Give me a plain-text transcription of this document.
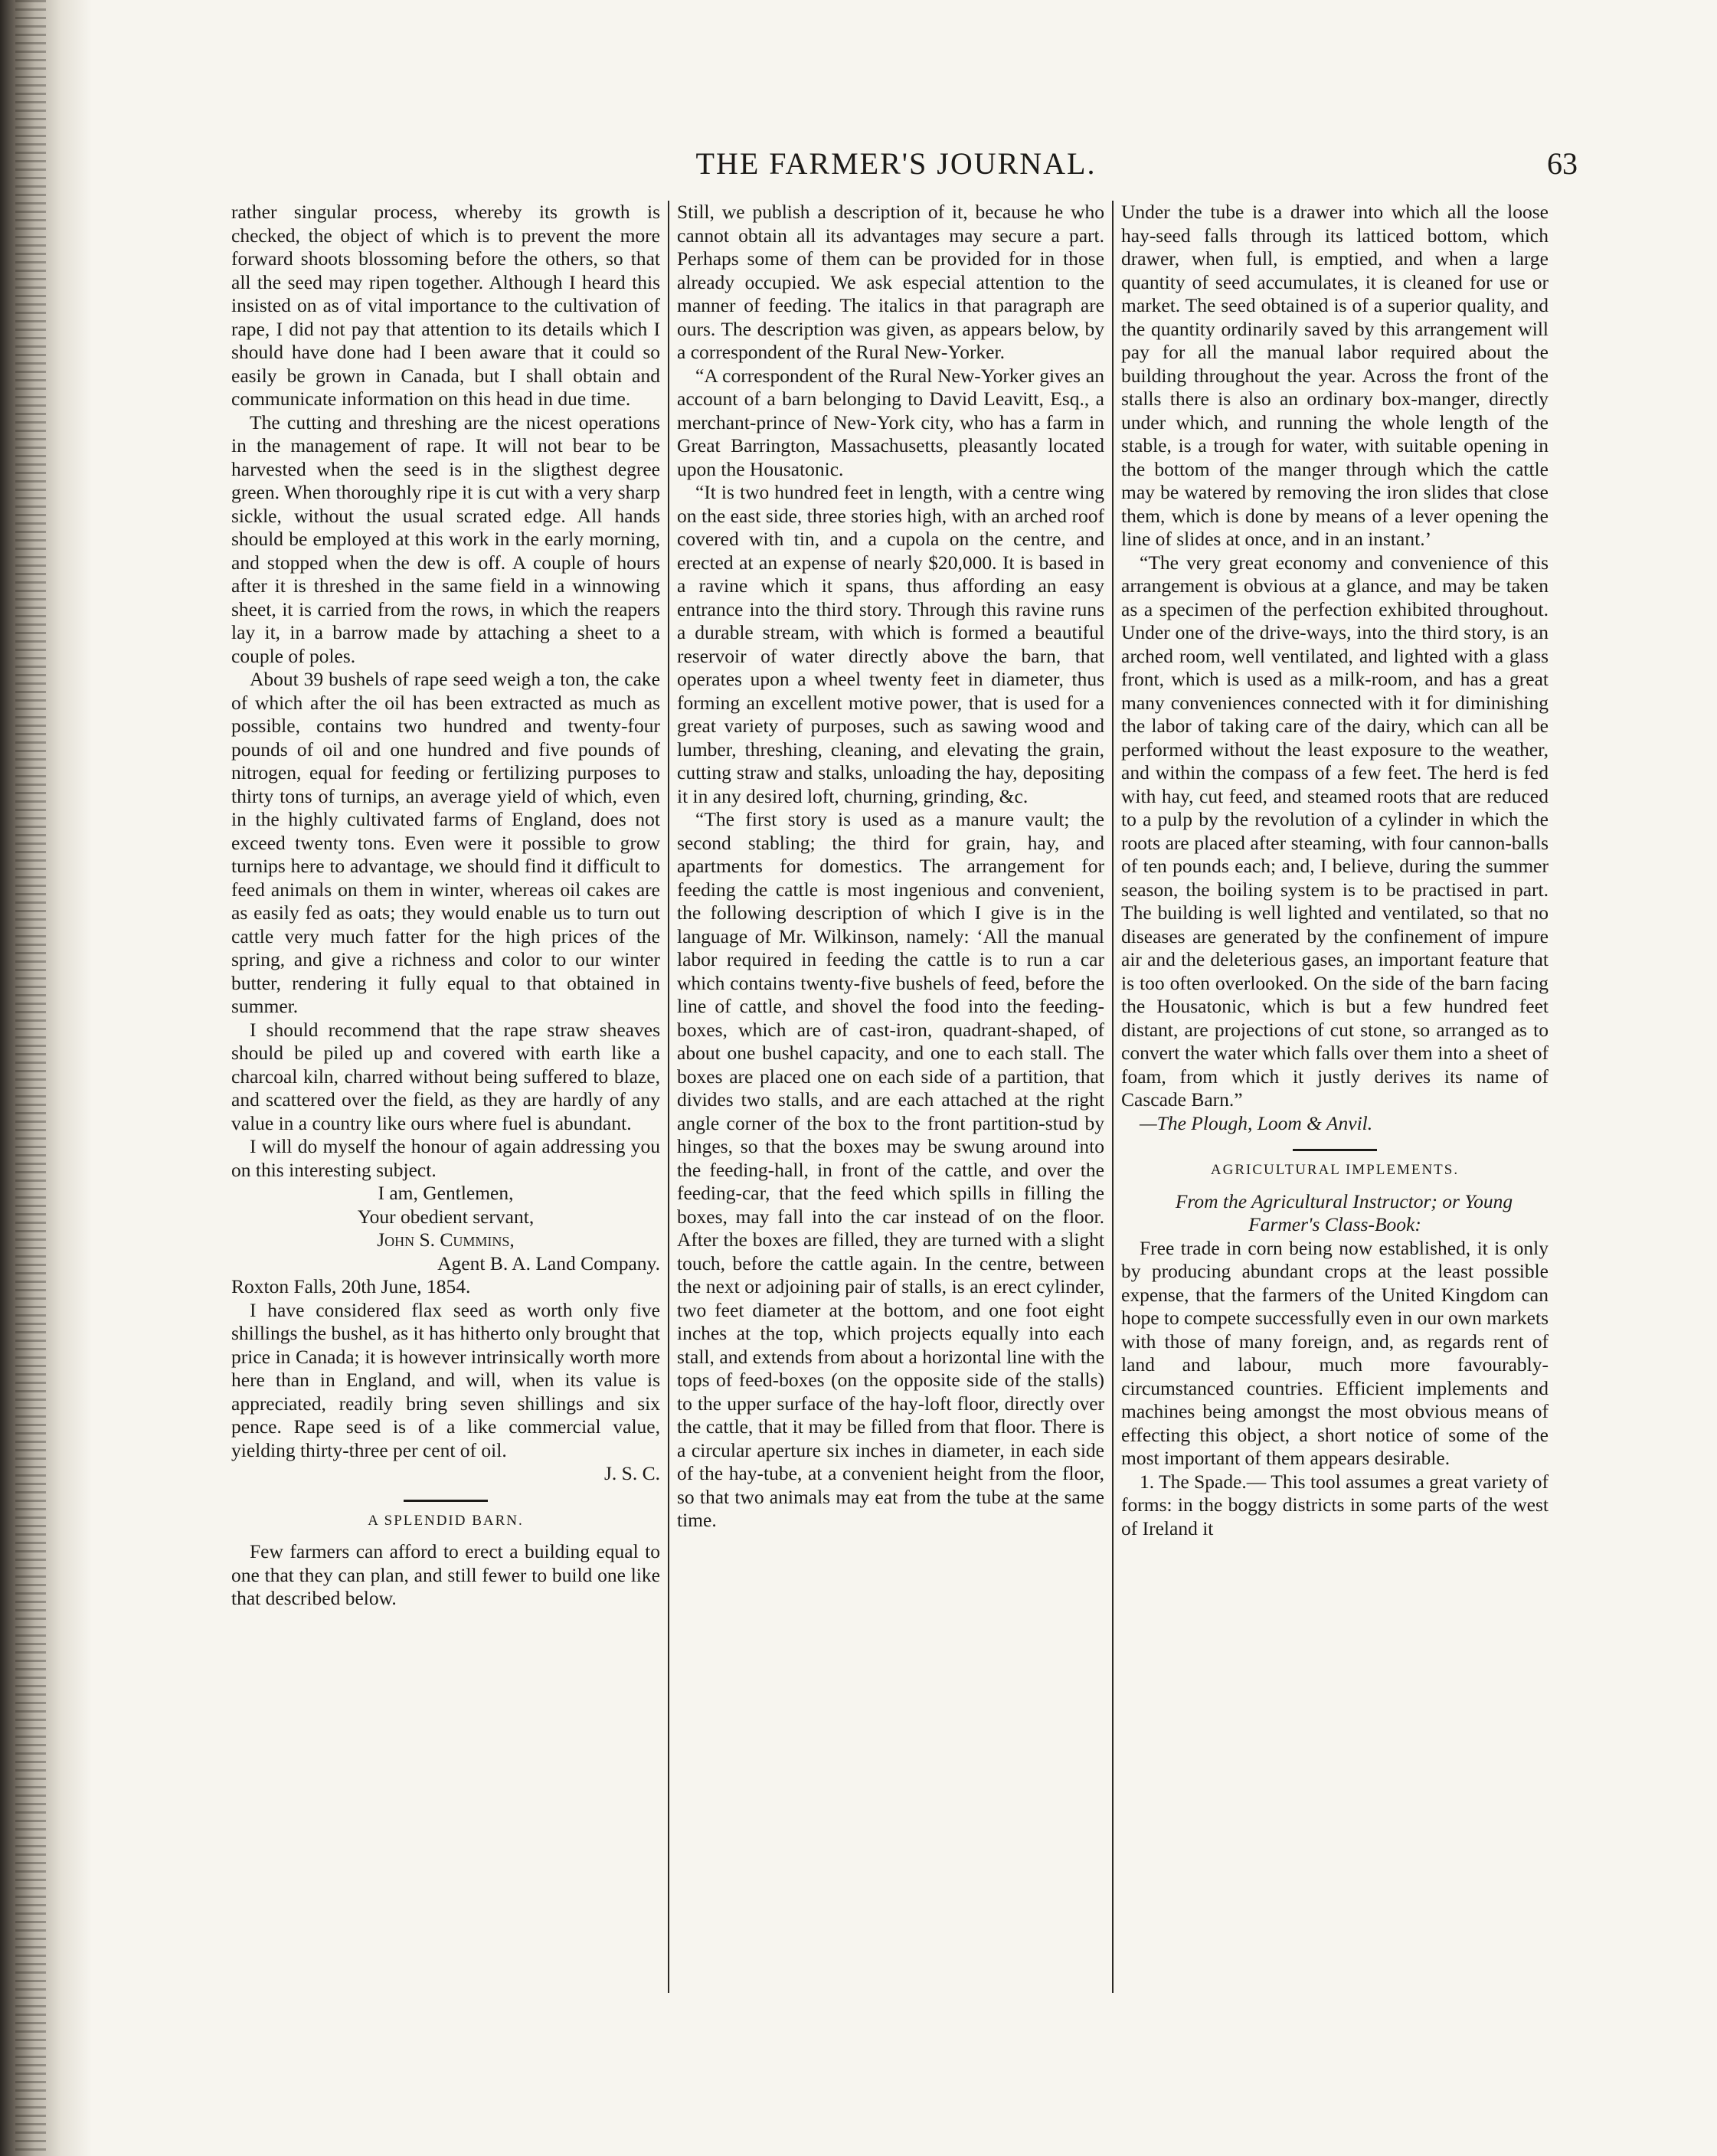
THE FARMER'S JOURNAL.	63

rather singular process, whereby its growth is checked, the object of which is to prevent the more forward shoots blossoming before the others, so that all the seed may ripen together. Although I heard this insisted on as of vital importance to the cultivation of rape, I did not pay that attention to its details which I should have done had I been aware that it could so easily be grown in Canada, but I shall obtain and communicate information on this head in due time.

The cutting and threshing are the nicest operations in the management of rape. It will not bear to be harvested when the seed is in the sligthest degree green. When thoroughly ripe it is cut with a very sharp sickle, without the usual scrated edge. All hands should be employed at this work in the early morning, and stopped when the dew is off. A couple of hours after it is threshed in the same field in a winnowing sheet, it is carried from the rows, in which the reapers lay it, in a barrow made by attaching a sheet to a couple of poles.

About 39 bushels of rape seed weigh a ton, the cake of which after the oil has been extracted as much as possible, contains two hundred and twenty-four pounds of oil and one hundred and five pounds of nitrogen, equal for feeding or fertilizing purposes to thirty tons of turnips, an average yield of which, even in the highly cultivated farms of England, does not exceed twenty tons. Even were it possible to grow turnips here to advantage, we should find it difficult to feed animals on them in winter, whereas oil cakes are as easily fed as oats; they would enable us to turn out cattle very much fatter for the high prices of the spring, and give a richness and color to our winter butter, rendering it fully equal to that obtained in summer.

I should recommend that the rape straw sheaves should be piled up and covered with earth like a charcoal kiln, charred without being suffered to blaze, and scattered over the field, as they are hardly of any value in a country like ours where fuel is abundant.

I will do myself the honour of again addressing you on this interesting subject.

I am, Gentlemen,

Your obedient servant,

John S. Cummins,

Agent B. A. Land Company.

Roxton Falls, 20th June, 1854.

I have considered flax seed as worth only five shillings the bushel, as it has hitherto only brought that price in Canada; it is however intrinsically worth more here than in England, and will, when its value is appreciated, readily bring seven shillings and six pence. Rape seed is of a like commercial value, yielding thirty-three per cent of oil.

J. S. C.

A SPLENDID BARN.

Few farmers can afford to erect a building equal to one that they can plan, and still fewer to build one like that described below.

Still, we publish a description of it, because he who cannot obtain all its advantages may secure a part. Perhaps some of them can be provided for in those already occupied. We ask especial attention to the manner of feeding. The italics in that paragraph are ours. The description was given, as appears below, by a correspondent of the Rural New-Yorker.

“A correspondent of the Rural New-Yorker gives an account of a barn belonging to David Leavitt, Esq., a merchant-prince of New-York city, who has a farm in Great Barrington, Massachusetts, pleasantly located upon the Housatonic.

“It is two hundred feet in length, with a centre wing on the east side, three stories high, with an arched roof covered with tin, and a cupola on the centre, and erected at an expense of nearly $20,000. It is based in a ravine which it spans, thus affording an easy entrance into the third story. Through this ravine runs a durable stream, with which is formed a beautiful reservoir of water directly above the barn, that operates upon a wheel twenty feet in diameter, thus forming an excellent motive power, that is used for a great variety of purposes, such as sawing wood and lumber, threshing, cleaning, and elevating the grain, cutting straw and stalks, unloading the hay, depositing it in any desired loft, churning, grinding, &c.

“The first story is used as a manure vault; the second stabling; the third for grain, hay, and apartments for domestics. The arrangement for feeding the cattle is most ingenious and convenient, the following description of which I give is in the language of Mr. Wilkinson, namely: ‘All the manual labor required in feeding the cattle is to run a car which contains twenty-five bushels of feed, before the line of cattle, and shovel the food into the feeding-boxes, which are of cast-iron, quadrant-shaped, of about one bushel capacity, and one to each stall. The boxes are placed one on each side of a partition, that divides two stalls, and are each attached at the right angle corner of the box to the front partition-stud by hinges, so that the boxes may be swung around into the feeding-hall, in front of the cattle, and over the feeding-car, that the feed which spills in filling the boxes, may fall into the car instead of on the floor. After the boxes are filled, they are turned with a slight touch, before the cattle again. In the centre, between the next or adjoining pair of stalls, is an erect cylinder, two feet diameter at the bottom, and one foot eight inches at the top, which projects equally into each stall, and extends from about a horizontal line with the tops of feed-boxes (on the opposite side of the stalls) to the upper surface of the hay-loft floor, directly over the cattle, that it may be filled from that floor. There is a circular aperture six inches in diameter, in each side of the hay-tube, at a convenient height from the floor, so that two animals may eat from the tube at the same time.

Under the tube is a drawer into which all the loose hay-seed falls through its latticed bottom, which drawer, when full, is emptied, and when a large quantity of seed accumulates, it is cleaned for use or market. The seed obtained is of a superior quality, and the quantity ordinarily saved by this arrangement will pay for all the manual labor required about the building throughout the year. Across the front of the stalls there is also an ordinary box-manger, directly under which, and running the whole length of the stable, is a trough for water, with suitable opening in the bottom of the manger through which the cattle may be watered by removing the iron slides that close them, which is done by means of a lever opening the line of slides at once, and in an instant.’

“The very great economy and convenience of this arrangement is obvious at a glance, and may be taken as a specimen of the perfection exhibited throughout. Under one of the drive-ways, into the third story, is an arched room, well ventilated, and lighted with a glass front, which is used as a milk-room, and has a great many conveniences connected with it for diminishing the labor of taking care of the dairy, which can all be performed without the least exposure to the weather, and within the compass of a few feet. The herd is fed with hay, cut feed, and steamed roots that are reduced to a pulp by the revolution of a cylinder in which the roots are placed after steaming, with four cannon-balls of ten pounds each; and, I believe, during the summer season, the boiling system is to be practised in part. The building is well lighted and ventilated, so that no diseases are generated by the confinement of impure air and the deleterious gases, an important feature that is too often overlooked. On the side of the barn facing the Housatonic, which is but a few hundred feet distant, are projections of cut stone, so arranged as to convert the water which falls over them into a sheet of foam, from which it justly derives its name of Cascade Barn.”

—The Plough, Loom & Anvil.

AGRICULTURAL IMPLEMENTS.

From the Agricultural Instructor; or Young Farmer's Class-Book:

Free trade in corn being now established, it is only by producing abundant crops at the least possible expense, that the farmers of the United Kingdom can hope to compete successfully even in our own markets with those of many foreign, and, as regards rent of land and labour, much more favourably-circumstanced countries. Efficient implements and machines being amongst the most obvious means of effecting this object, a short notice of some of the most important of them appears desirable.

1. The Spade.— This tool assumes a great variety of forms: in the boggy districts in some parts of the west of Ireland it
